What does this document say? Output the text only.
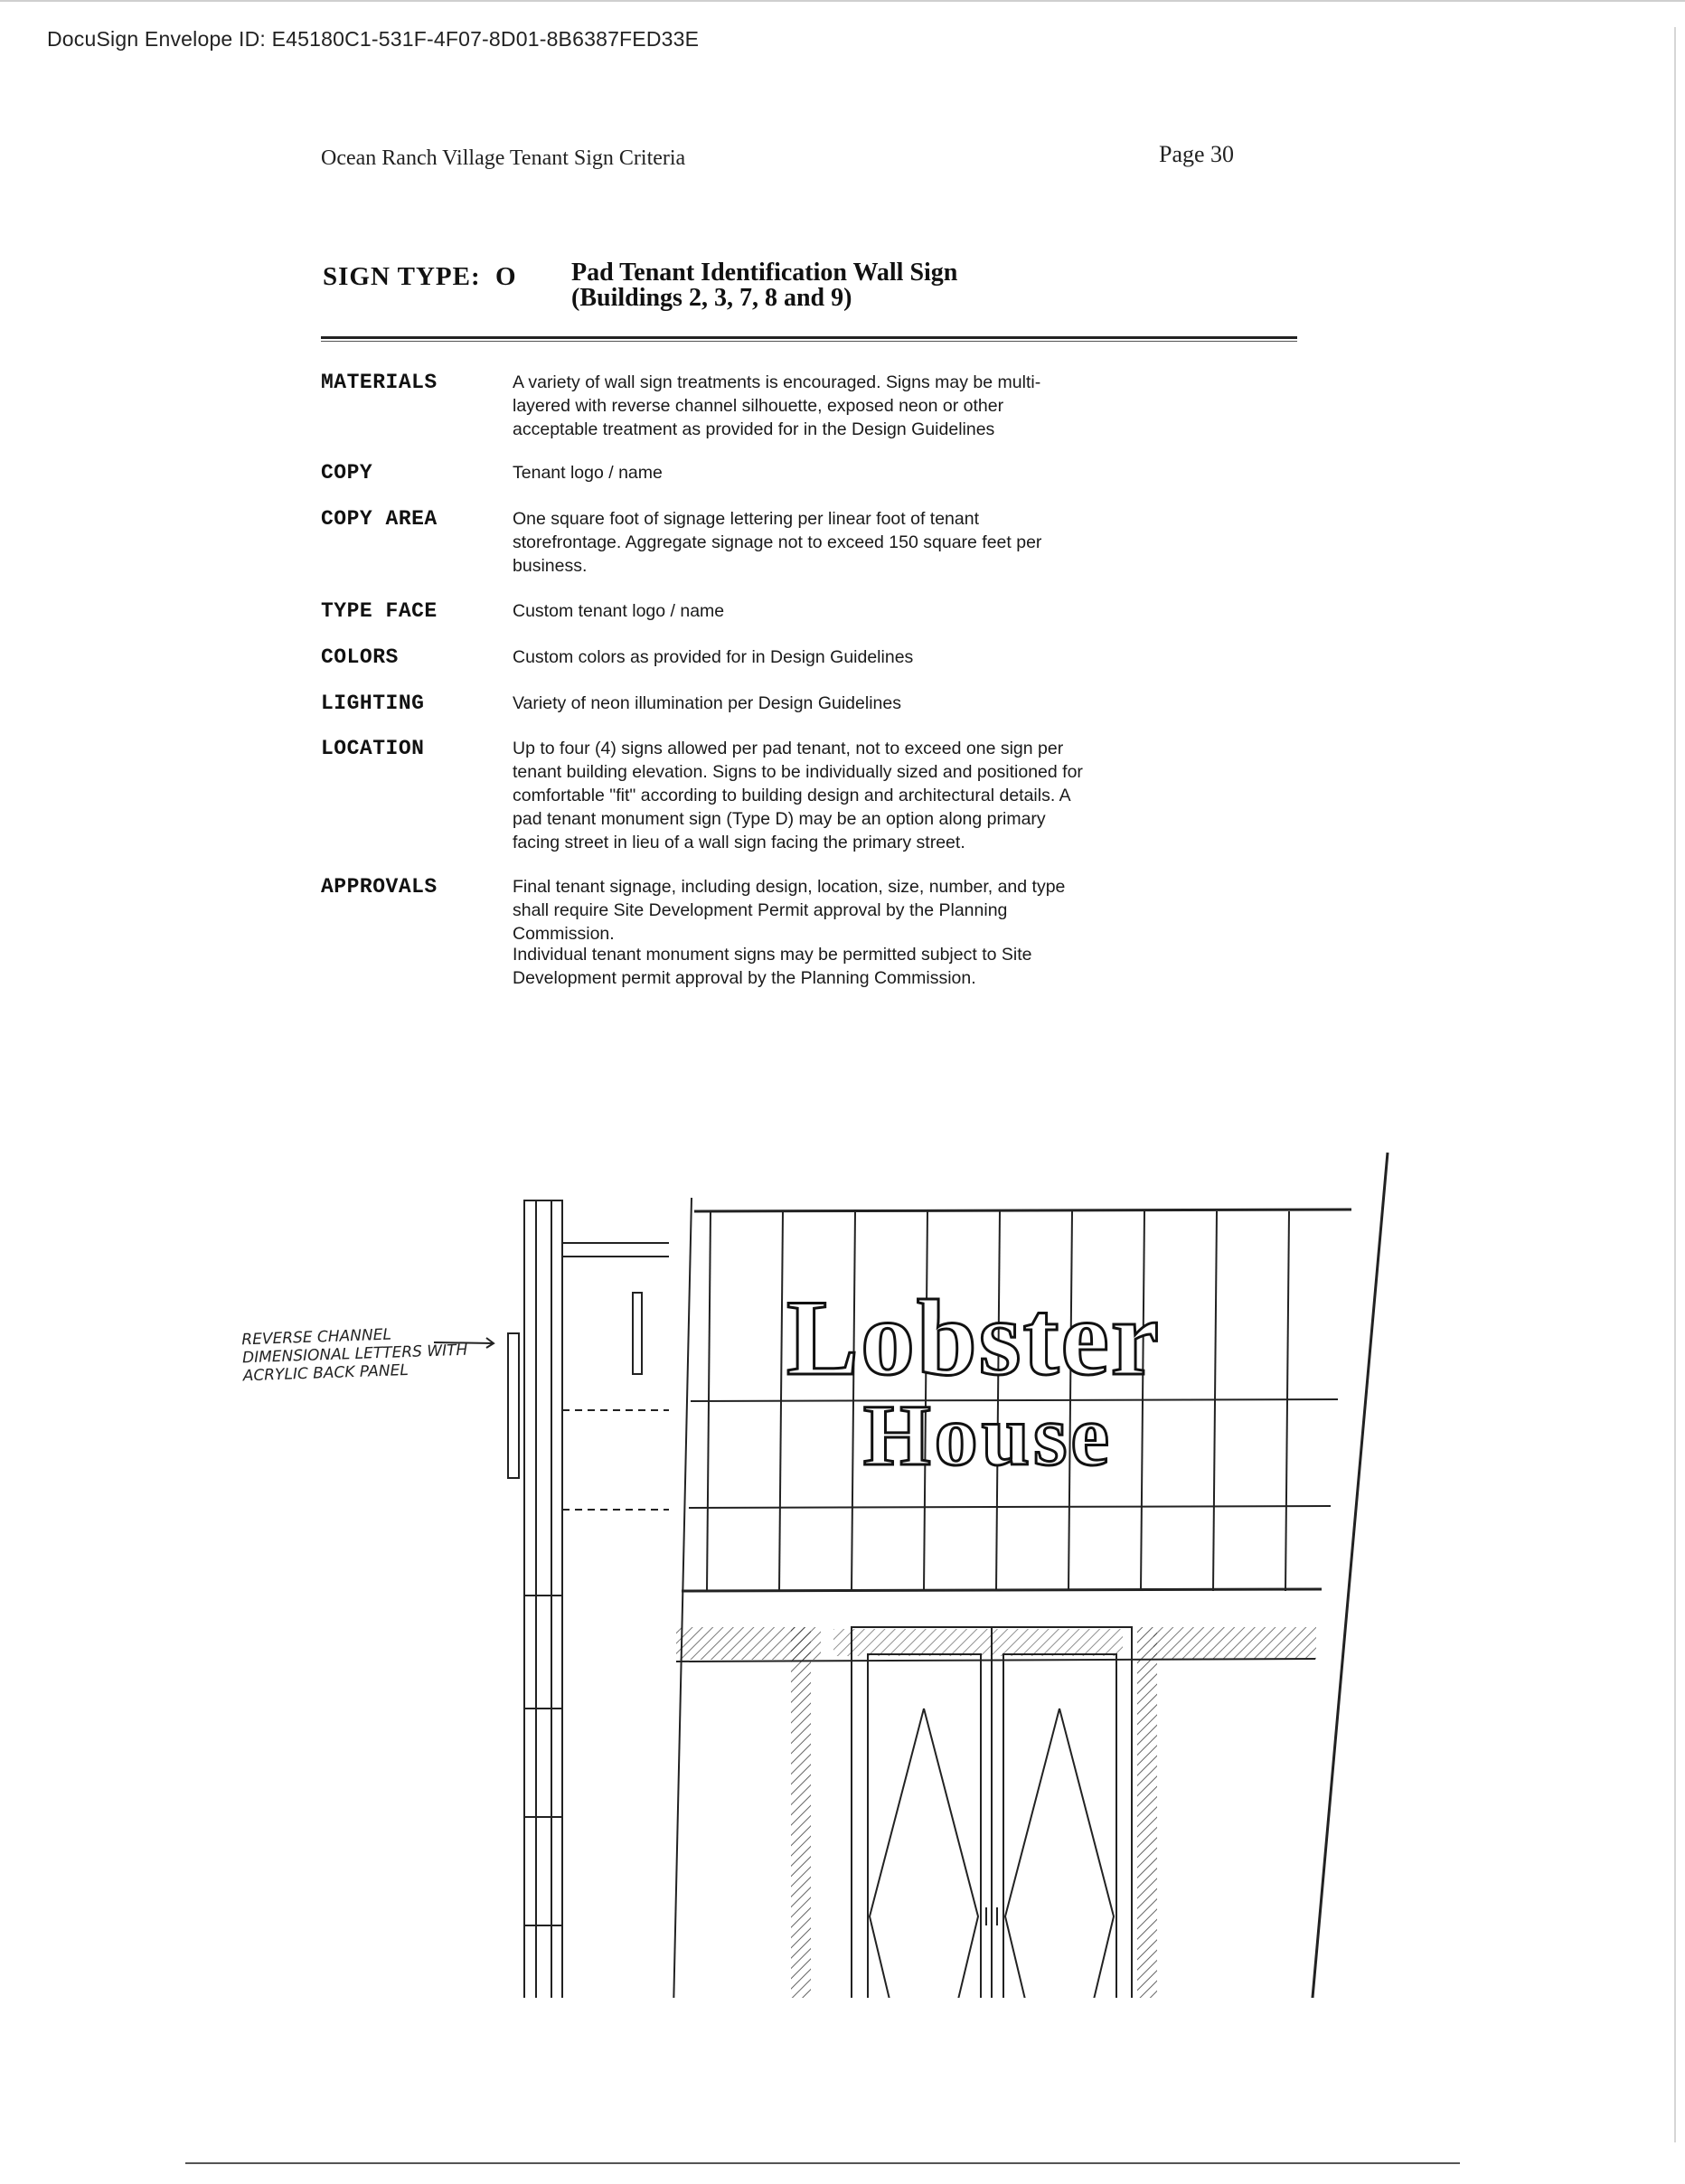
DocuSign Envelope ID: E45180C1-531F-4F07-8D01-8B6387FED33E
Ocean Ranch Village Tenant Sign Criteria	Page 30
SIGN TYPE: O Pad Tenant Identification Wall Sign
(Buildings 2, 3, 7, 8 and 9)
MATERIALS	A variety of wall sign treatments is encouraged. Signs may be multi-layered with reverse channel silhouette, exposed neon or other acceptable treatment as provided for in the Design Guidelines
COPY	Tenant logo / name
COPY AREA	One square foot of signage lettering per linear foot of tenant storefrontage. Aggregate signage not to exceed 150 square feet per business.
TYPE FACE	Custom tenant logo / name
COLORS	Custom colors as provided for in Design Guidelines
LIGHTING	Variety of neon illumination per Design Guidelines
LOCATION	Up to four (4) signs allowed per pad tenant, not to exceed one sign per tenant building elevation. Signs to be individually sized and positioned for comfortable "fit" according to building design and architectural details. A pad tenant monument sign (Type D) may be an option along primary facing street in lieu of a wall sign facing the primary street.
APPROVALS	Final tenant signage, including design, location, size, number, and type shall require Site Development Permit approval by the Planning Commission.
Individual tenant monument signs may be permitted subject to Site Development permit approval by the Planning Commission.
REVERSE CHANNEL DIMENSIONAL LETTERS WITH ACRYLIC BACK PANEL	Lobster
House
